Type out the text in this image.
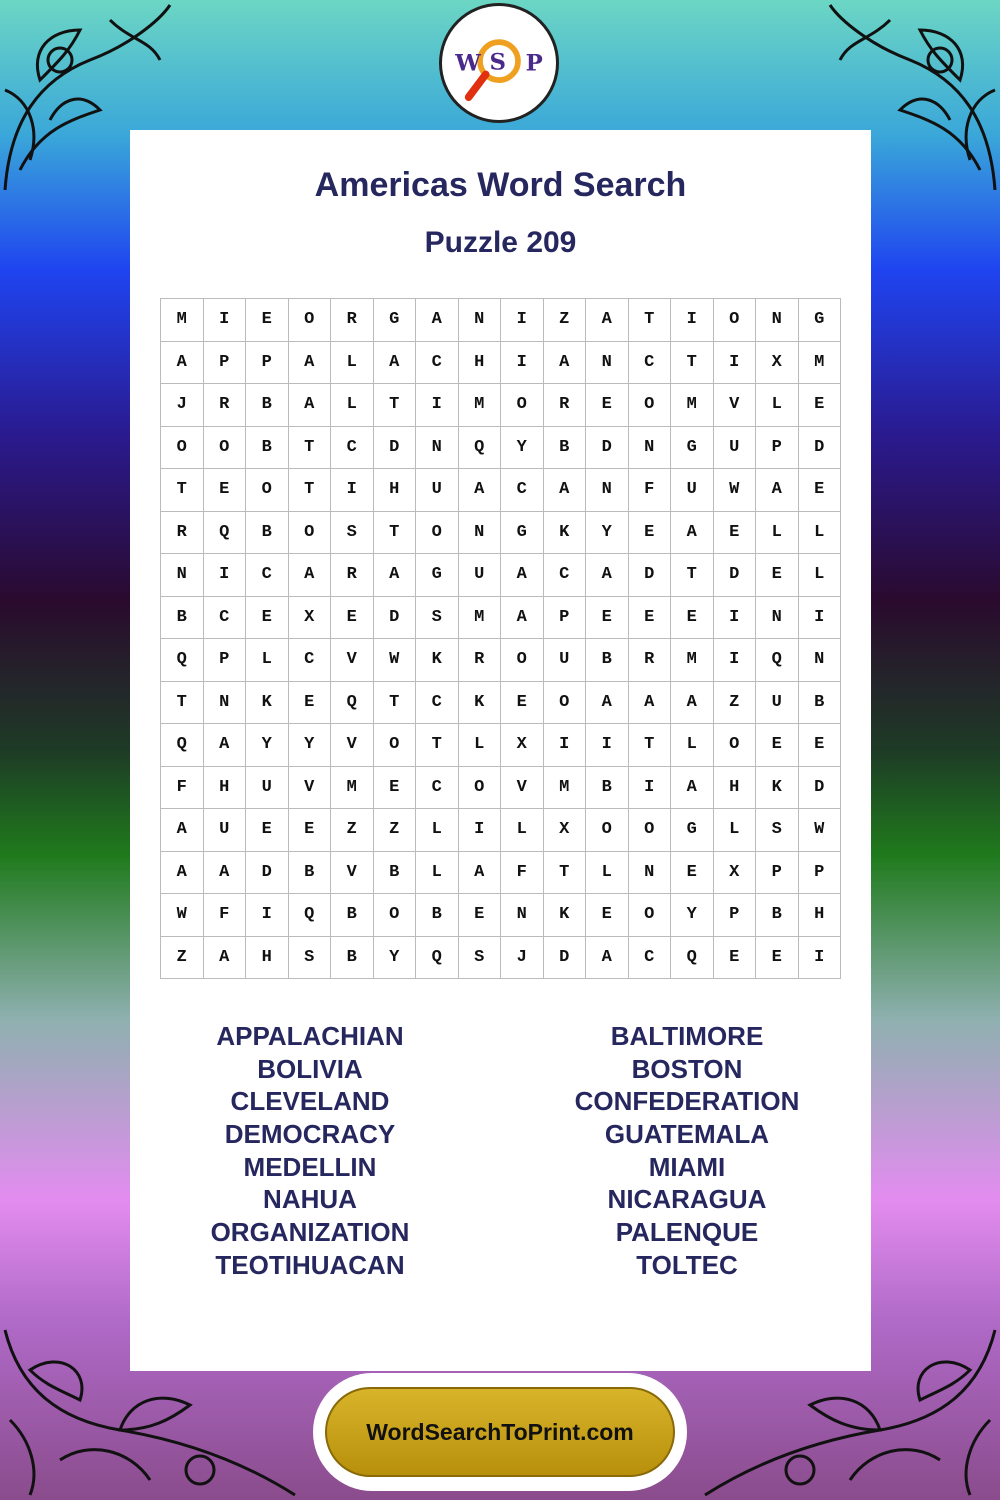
W S P
Americas Word Search
Puzzle 209
M	I	E	O	R	G	A	N	I	Z	A	T	I	O	N	G
A	P	P	A	L	A	C	H	I	A	N	C	T	I	X	M
J	R	B	A	L	T	I	M	O	R	E	O	M	V	L	E
O	O	B	T	C	D	N	Q	Y	B	D	N	G	U	P	D
T	E	O	T	I	H	U	A	C	A	N	F	U	W	A	E
R	Q	B	O	S	T	O	N	G	K	Y	E	A	E	L	L
N	I	C	A	R	A	G	U	A	C	A	D	T	D	E	L
B	C	E	X	E	D	S	M	A	P	E	E	E	I	N	I
Q	P	L	C	V	W	K	R	O	U	B	R	M	I	Q	N
T	N	K	E	Q	T	C	K	E	O	A	A	A	Z	U	B
Q	A	Y	Y	V	O	T	L	X	I	I	T	L	O	E	E
F	H	U	V	M	E	C	O	V	M	B	I	A	H	K	D
A	U	E	E	Z	Z	L	I	L	X	O	O	G	L	S	W
A	A	D	B	V	B	L	A	F	T	L	N	E	X	P	P
W	F	I	Q	B	O	B	E	N	K	E	O	Y	P	B	H
Z	A	H	S	B	Y	Q	S	J	D	A	C	Q	E	E	I
APPALACHIAN
BOLIVIA
CLEVELAND
DEMOCRACY
MEDELLIN
NAHUA
ORGANIZATION
TEOTIHUACAN
BALTIMORE
BOSTON
CONFEDERATION
GUATEMALA
MIAMI
NICARAGUA
PALENQUE
TOLTEC
WordSearchToPrint.com
